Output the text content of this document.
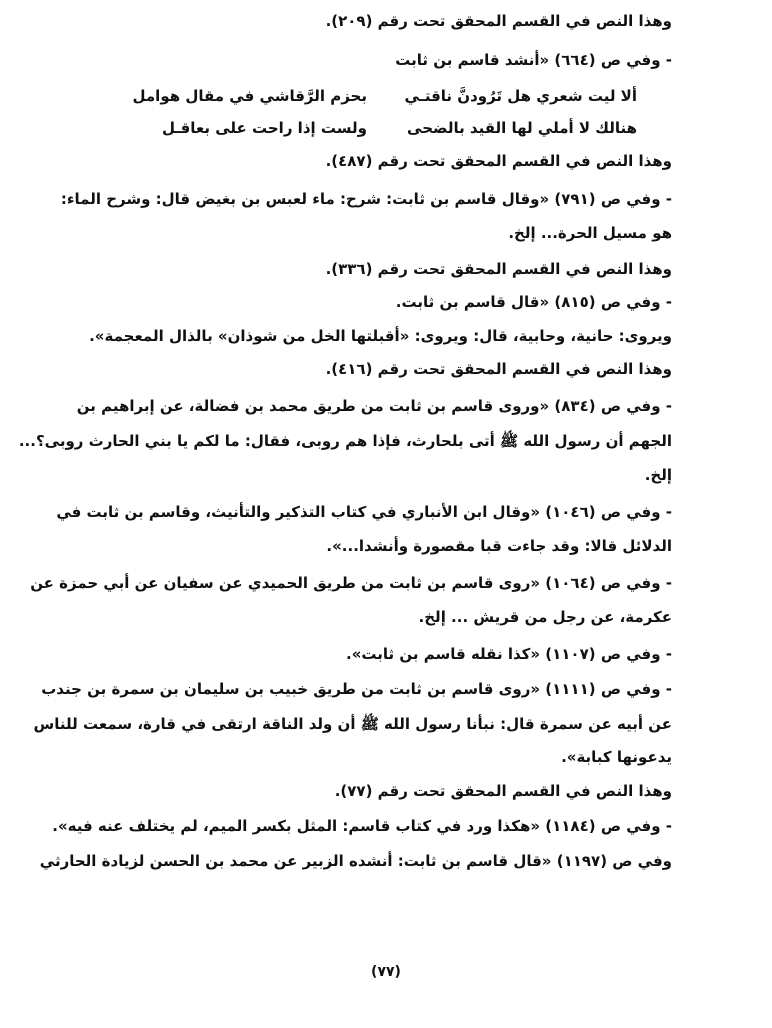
وهذا النص في القسم المحقق تحت رقم (٢٠٩).
- وفي ص (٦٦٤) «أنشد قاسم بن ثابت
ألا ليت شعري هل تَرُودنَّ ناقتـي
بحزم الرَّقاشي في مقال هوامل
هنالك لا أملي لها القيد بالضحى
ولست إذا راحت على بعاقـل
وهذا النص في القسم المحقق تحت رقم (٤٨٧).
- وفي ص (٧٩١) «وقال قاسم بن ثابت: شرح: ماء لعبس بن بغيض قال: وشرح الماء:
هو مسيل الحرة... إلخ.
وهذا النص في القسم المحقق تحت رقم (٣٣٦).
- وفي ص (٨١٥) «قال قاسم بن ثابت.
ويروى: حانية، وحابية، قال: ويروى: «أقبلتها الخل من شوذان» بالذال المعجمة».
وهذا النص في القسم المحقق تحت رقم (٤١٦).
- وفي ص (٨٣٤) «وروى قاسم بن ثابت من طريق محمد بن فضالة، عن إبراهيم بن
الجهم أن رسول الله ﷺ أتى بلحارث، فإذا هم روبى، فقال: ما لكم يا بني الحارث روبى؟...
إلخ.
- وفي ص (١٠٤٦) «وقال ابن الأنباري في كتاب التذكير والتأنيث، وقاسم بن ثابت في
الدلائل قالا: وقد جاءت قبا مقصورة وأنشدا...».
- وفي ص (١٠٦٤) «روى قاسم بن ثابت من طريق الحميدي عن سفيان عن أبي حمزة عن
عكرمة، عن رجل من قريش ... إلخ.
- وفي ص (١١٠٧) «كذا نقله قاسم بن ثابت».
- وفي ص (١١١١) «روى قاسم بن ثابت من طريق خبيب بن سليمان بن سمرة بن جندب
عن أبيه عن سمرة قال: نبأنا رسول الله ﷺ أن ولد الناقة ارتقى في قارة، سمعت للناس
يدعونها كبابة».
وهذا النص في القسم المحقق تحت رقم (٧٧).
- وفي ص (١١٨٤) «هكذا ورد في كتاب قاسم: المثل بكسر الميم، لم يختلف عنه فيه».
وفي ص (١١٩٧) «قال قاسم بن ثابت: أنشده الزبير عن محمد بن الحسن لزيادة الحارثي
(٧٧)
